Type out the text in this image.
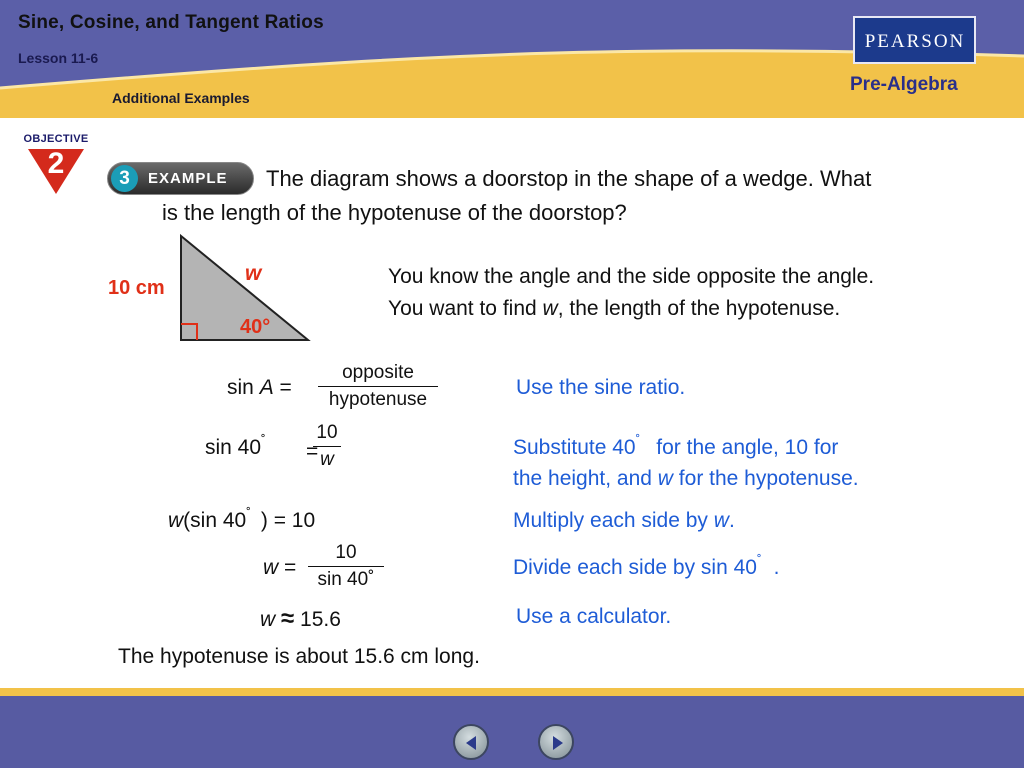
Sine, Cosine, and Tangent Ratios
Lesson 11-6
Additional Examples
PEARSON
Pre-Algebra
OBJECTIVE
2	3	EXAMPLE The diagram shows a doorstop in the shape of a wedge. What
is the length of the hypotenuse of the doorstop?
10 cm
w
40°
You know the angle and the side opposite the angle.
You want to find w, the length of the hypotenuse.
sin A =
opposite
hypotenuse
Use the sine ratio.
sin 40˚ =
10
w
Substitute 40˚ for the angle, 10 for
the height, and w for the hypotenuse.
w(sin 40˚ ) = 10	Multiply each side by w.
w =
10
sin 40˚
Divide each side by sin 40˚ .
w ≈ 15.6	Use a calculator.
The hypotenuse is about 15.6 cm long.
